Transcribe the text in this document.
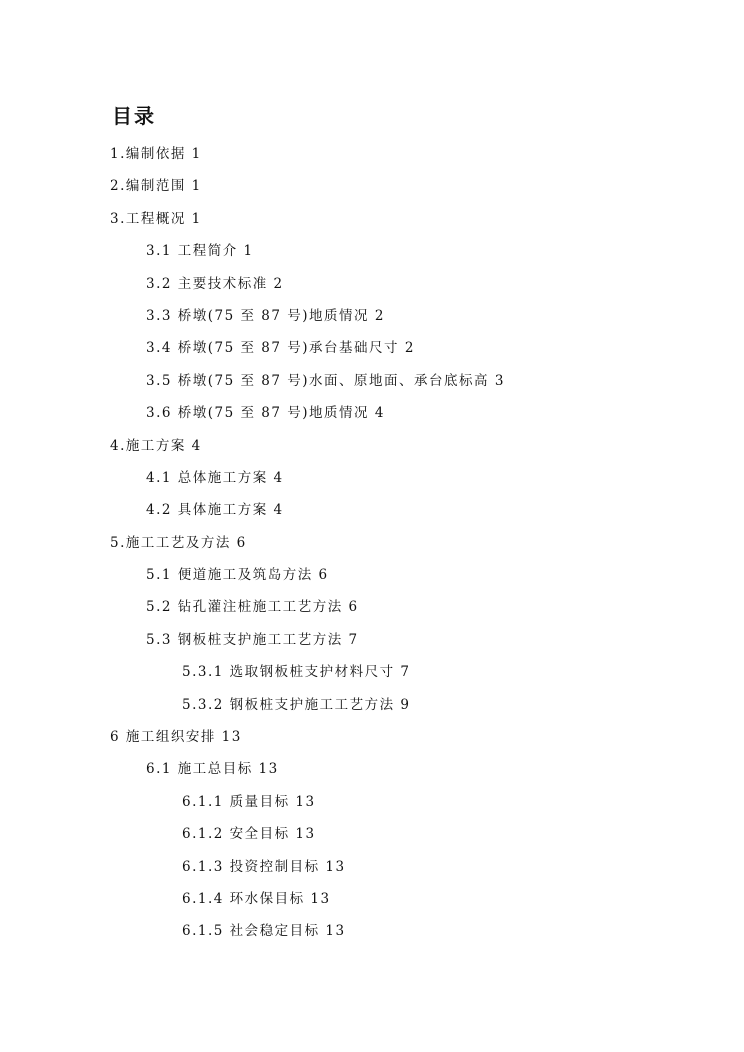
目录
1.编制依据 1
2.编制范围 1
3.工程概况 1
3.1 工程简介 1
3.2 主要技术标准 2
3.3 桥墩(75 至 87 号)地质情况 2
3.4 桥墩(75 至 87 号)承台基础尺寸 2
3.5 桥墩(75 至 87 号)水面、原地面、承台底标高 3
3.6 桥墩(75 至 87 号)地质情况 4
4.施工方案 4
4.1 总体施工方案 4
4.2 具体施工方案 4
5.施工工艺及方法 6
5.1 便道施工及筑岛方法 6
5.2 钻孔灌注桩施工工艺方法 6
5.3 钢板桩支护施工工艺方法 7
5.3.1 选取钢板桩支护材料尺寸 7
5.3.2 钢板桩支护施工工艺方法 9
6 施工组织安排 13
6.1 施工总目标 13
6.1.1 质量目标 13
6.1.2 安全目标 13
6.1.3 投资控制目标 13
6.1.4 环水保目标 13
6.1.5 社会稳定目标 13
